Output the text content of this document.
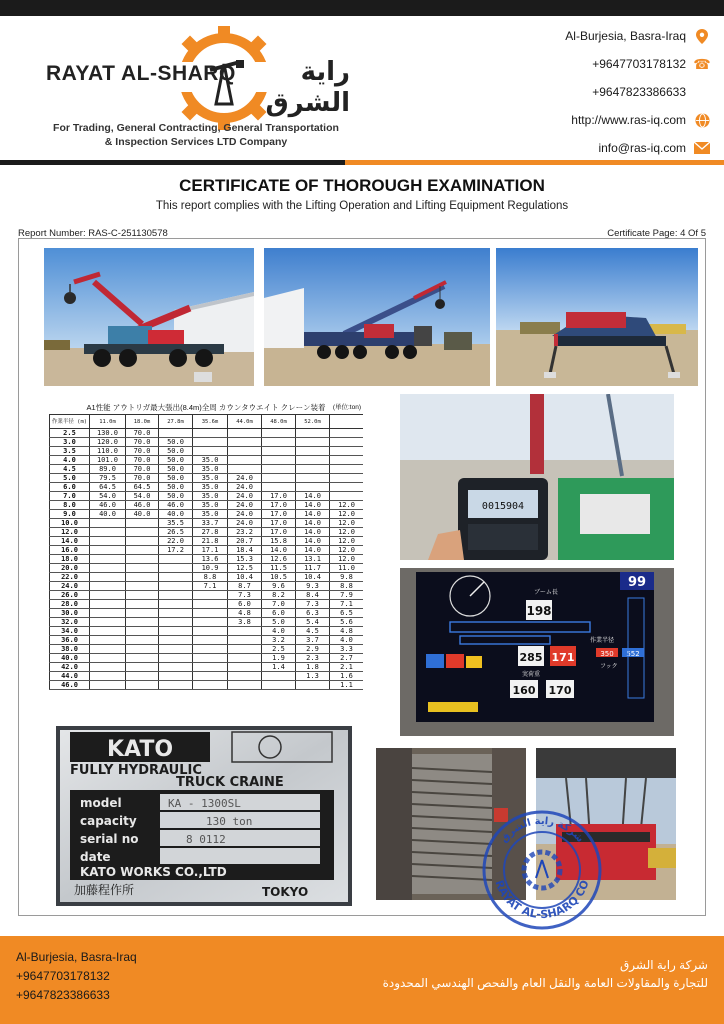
RAYAT AL-SHARQ	راية الشرق
For Trading, General Contracting, General Transportation
& Inspection Services LTD Company
Al-Burjesia, Basra-Iraq
+9647703178132 ☎
+9647823386633
http://www.ras-iq.com
info@ras-iq.com
CERTIFICATE OF THOROUGH EXAMINATION
This report complies with the Lifting Operation and Lifting Equipment Regulations
Report Number: RAS-C-251130578	Certificate Page: 4 Of 5
A1性能 アウトリガ最大張出(8.4m)全周 カウンタウエイト クレーン装着	(単位:ton)
作業半径 (m)	11.0m	18.0m	27.8m	35.6m	44.0m	48.0m	52.0m	
2.5	130.0	70.0						
3.0	120.0	70.0	50.0					
3.5	110.0	70.0	50.0					
4.0	101.0	70.0	50.0	35.0				
4.5	89.0	70.0	50.0	35.0				
5.0	79.5	70.0	50.0	35.0	24.0			
6.0	64.5	64.5	50.0	35.0	24.0			
7.0	54.0	54.0	50.0	35.0	24.0	17.0	14.0	
8.0	46.0	46.0	46.0	35.0	24.0	17.0	14.0	12.0
9.0	40.0	40.0	40.0	35.0	24.0	17.0	14.0	12.0
10.0			35.5	33.7	24.0	17.0	14.0	12.0
12.0			26.5	27.8	23.2	17.0	14.0	12.0
14.0			22.0	21.8	20.7	15.8	14.0	12.0
16.0			17.2	17.1	18.4	14.0	14.0	12.0
18.0				13.6	15.3	12.6	13.1	12.0
20.0				10.9	12.5	11.5	11.7	11.0
22.0				8.8	10.4	10.5	10.4	9.8
24.0				7.1	8.7	9.6	9.3	8.8
26.0					7.3	8.2	8.4	7.9
28.0					6.0	7.0	7.3	7.1
30.0					4.8	6.0	6.3	6.5
32.0					3.8	5.0	5.4	5.6
34.0						4.0	4.5	4.8
36.0						3.2	3.7	4.0
38.0						2.5	2.9	3.3
40.0						1.9	2.3	2.7
42.0						1.4	1.8	2.1
44.0							1.3	1.6
46.0								1.1
0015904
99
198
285 171	350 552
160 170
ブーム長
作業半径
実荷重
フック
KATO
FULLY HYDRAULIC
TRUCK CRAINE
model	KA - 1300SL
capacity	130 ton
serial no	8 0112
date
KATO WORKS CO.,LTD
加藤程作所	TOKYO
RAYAT AL-SHARQ CO
شركة راية الشرق
Al-Burjesia, Basra-Iraq
+9647703178132
+9647823386633
شركة راية الشرق
للتجارة والمقاولات العامة والنقل العام والفحص الهندسي المحدودة
